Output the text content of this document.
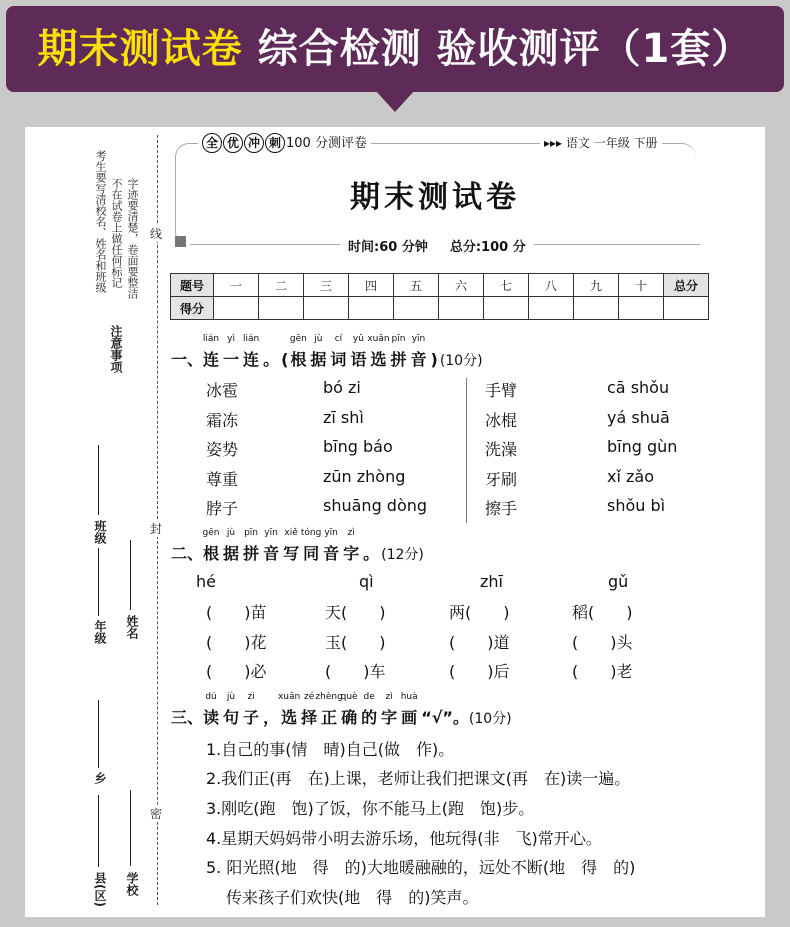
期末测试卷 综合检测 验收测评（1套）
考生要写清校名、姓名和班级 不在试卷上做任何标记 字迹要清楚，卷面要整洁
注意事项
班级
年级 姓名
乡
县(区) 学校
线
封
密
全 优 冲 刺 100 分测评卷	▸▸▸ 语文 一年级 下册
期末测试卷
时间:60 分钟 总分:100 分
题号	一	二	三	四	五	六	七	八	九	十	总分
得分											
一、
lián
连
yì
一
lián
连 。 (
gēn
根
jù
据
cí
词
yǔ
语
xuǎn
选
pīn
拼
yīn
音 ) (10分)
冰雹	bó zi	手臂	cā shǒu
霜冻	zī shì	冰棍	yá shuā
姿势	bīng báo	洗澡	bīng gùn
尊重	zūn zhòng	牙刷	xǐ zǎo
脖子	shuāng dòng	擦手	shǒu bì
二、
gēn
根
jù
据
pīn
拼
yīn
音
xiě
写
tóng
同
yīn
音
zì
字 。 (12分)
hé	qì	zhī	gǔ
(　　)苗	天(　　)	两(　　)	稻(　　)
(　　)花	玉(　　)	(　　)道	(　　)头
(　　)必	(　　)车	(　　)后	(　　)老
三、
dú
读
jù
句
zi
子 ，
xuǎn
选
zé
择
zhèng
正
què
确
de
的
zì
字
huà
画 “√”。(10分)
1.自己的事(情　晴)自己(做　作)。
2.我们正(再　在)上课，老师让我们把课文(再　在)读一遍。
3.刚吃(跑　饱)了饭，你不能马上(跑　饱)步。
4.星期天妈妈带小明去游乐场，他玩得(非　飞)常开心。
5. 阳光照(地　得　的)大地暖融融的，远处不断(地　得　的)
传来孩子们欢快(地　得　的)笑声。
